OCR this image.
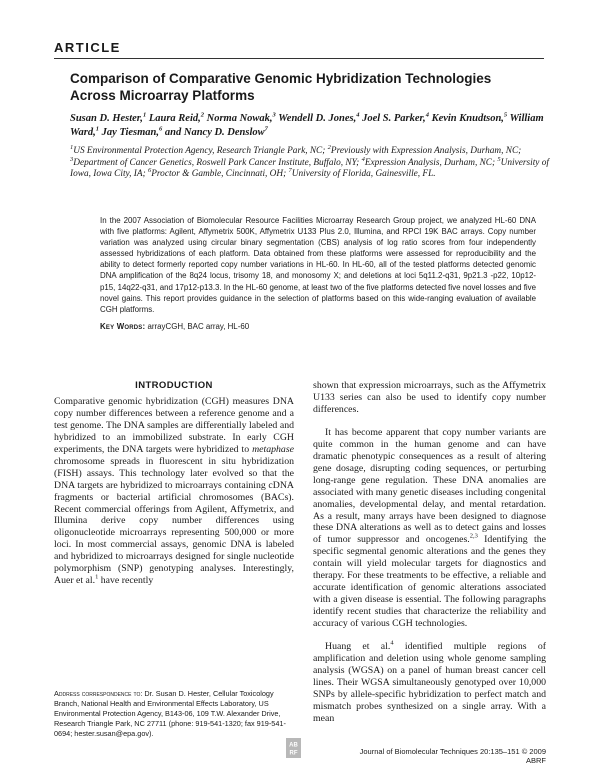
ARTICLE
Comparison of Comparative Genomic Hybridization Technologies Across Microarray Platforms
Susan D. Hester,$^1$ Laura Reid,$^2$ Norma Nowak,$^3$ Wendell D. Jones,$^4$ Joel S. Parker,$^4$ Kevin Knudtson,$^5$ William Ward,$^1$ Jay Tiesman,$^6$ and Nancy D. Denslow$^7$
$^1$US Environmental Protection Agency, Research Triangle Park, NC; $^2$Previously with Expression Analysis, Durham, NC; $^3$Department of Cancer Genetics, Roswell Park Cancer Institute, Buffalo, NY; $^4$Expression Analysis, Durham, NC; $^5$University of Iowa, Iowa City, IA; $^6$Proctor & Gamble, Cincinnati, OH; $^7$University of Florida, Gainesville, FL.
In the 2007 Association of Biomolecular Resource Facilities Microarray Research Group project, we analyzed HL-60 DNA with five platforms: Agilent, Affymetrix 500K, Affymetrix U133 Plus 2.0, Illumina, and RPCI 19K BAC arrays. Copy number variation was analyzed using circular binary segmentation (CBS) analysis of log ratio scores from four independently assessed hybridizations of each platform. Data obtained from these platforms were assessed for reproducibility and the ability to detect formerly reported copy number variations in HL-60. In HL-60, all of the tested platforms detected genomic DNA amplification of the 8q24 locus, trisomy 18, and monosomy X; and deletions at loci 5q11.2-q31, 9p21.3 -p22, 10p12-p15, 14q22-q31, and 17p12-p13.3. In the HL-60 genome, at least two of the five platforms detected five novel losses and five novel gains. This report provides guidance in the selection of platforms based on this wide-ranging evaluation of available CGH platforms.
Key Words: arrayCGH, BAC array, HL-60
INTRODUCTION

Comparative genomic hybridization (CGH) measures DNA copy number differences between a reference genome and a test genome. The DNA samples are differentially labeled and hybridized to an immobilized substrate. In early CGH experiments, the DNA targets were hybridized to metaphase chromosome spreads in fluorescent in situ hybridization (FISH) assays. This technology later evolved so that the DNA targets are hybridized to microarrays containing cDNA fragments or bacterial artificial chromosomes (BACs). Recent commercial offerings from Agilent, Affymetrix, and Illumina derive copy number differences using oligonucleotide microarrays representing 500,000 or more loci. In most commercial assays, genomic DNA is labeled and hybridized to microarrays designed for single nucleotide polymorphism (SNP) genotyping analyses. Interestingly, Auer et al.$^1$ have recently

shown that expression microarrays, such as the Affymetrix U133 series can also be used to identify copy number differences.

It has become apparent that copy number variants are quite common in the human genome and can have dramatic phenotypic consequences as a result of altering gene dosage, disrupting coding sequences, or perturbing long-range gene regulation. These DNA anomalies are associated with many genetic diseases including congenital anomalies, developmental delay, and mental retardation. As a result, many arrays have been designed to diagnose these DNA alterations as well as to detect gains and losses of tumor suppressor and oncogenes.$^{2,3}$ Identifying the specific segmental genomic alterations and the genes they contain will yield molecular targets for diagnostics and therapy. For these treatments to be effective, a reliable and accurate identification of genomic alterations associated with a given disease is essential. The following paragraphs identify recent studies that characterize the reliability and accuracy of various CGH technologies.

Huang et al.$^4$ identified multiple regions of amplification and deletion using whole genome sampling analysis (WGSA) on a panel of human breast cancer cell lines. Their WGSA simultaneously genotyped over 10,000 SNPs by allele-specific hybridization to perfect match and mismatch probes synthesized on a single array. With a mean

Address correspondence to: Dr. Susan D. Hester, Cellular Toxicology Branch, National Health and Environmental Effects Laboratory, US Environmental Protection Agency, B143-06, 109 T.W. Alexander Drive, Research Triangle Park, NC 27711 (phone: 919-541-1320; fax 919-541-0694; hester.susan@epa.gov).
AB
RF	Journal of Biomolecular Techniques 20:135–151 © 2009 ABRF
